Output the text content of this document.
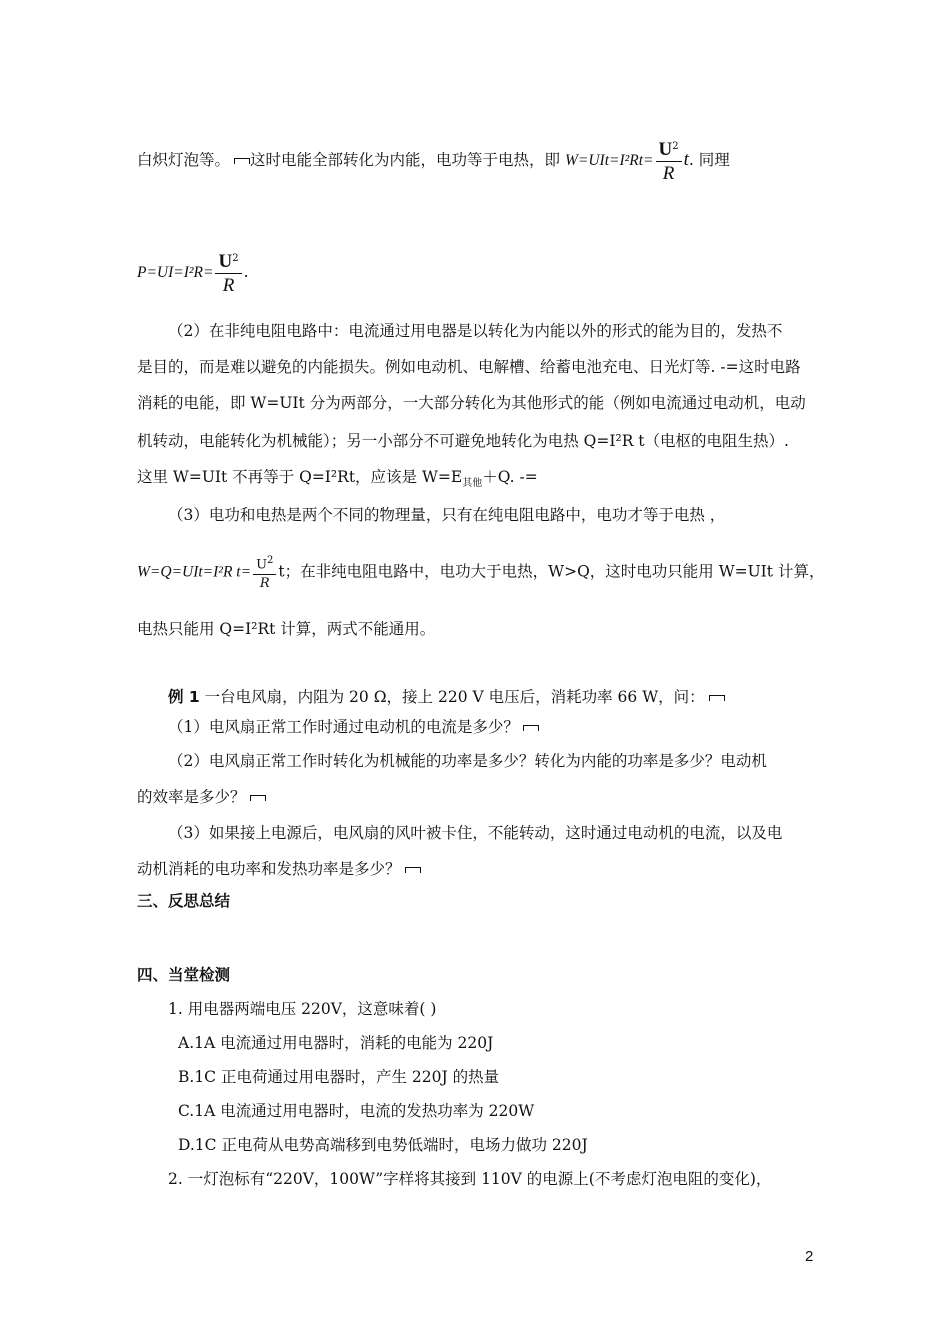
白炽灯泡等。 这时电能全部转化为内能，电功等于电热，即 $W=UIt=I^2Rt= \frac{U^2}{R} t$. 同理
$P=UI=I^2R= \frac{U^2}{R}$ .
（2）在非纯电阻电路中：电流通过用电器是以转化为内能以外的形式的能为目的，发热不
是目的，而是难以避免的内能损失。例如电动机、电解槽、给蓄电池充电、日光灯等. -=这时电路
消耗的电能，即 W=UIt 分为两部分，一大部分转化为其他形式的能（例如电流通过电动机，电动
机转动，电能转化为机械能）；另一小部分不可避免地转化为电热 Q=I²R t（电枢的电阻生热）.
这里 W=UIt 不再等于 Q=I²Rt，应该是 $W=E_{其他}+Q$. -=
（3）电功和电热是两个不同的物理量，只有在纯电阻电路中，电功才等于电热 ，
W=Q=UIt=I²R $t= \frac{U^2}{R}$ t；在非纯电阻电路中，电功大于电热，W>Q，这时电功只能用 W=UIt 计算，
电热只能用 Q=I²Rt 计算，两式不能通用。
例 1 一台电风扇，内阻为 20 Ω，接上 220 V 电压后，消耗功率 66 W，问：
（1）电风扇正常工作时通过电动机的电流是多少？
（2）电风扇正常工作时转化为机械能的功率是多少？转化为内能的功率是多少？电动机
的效率是多少？
（3）如果接上电源后，电风扇的风叶被卡住，不能转动，这时通过电动机的电流，以及电
动机消耗的电功率和发热功率是多少？
三、反思总结
四、当堂检测
1. 用电器两端电压 220V，这意味着( )
A.1A 电流通过用电器时，消耗的电能为 220J
B.1C 正电荷通过用电器时，产生 220J 的热量
C.1A 电流通过用电器时，电流的发热功率为 220W
D.1C 正电荷从电势高端移到电势低端时，电场力做功 220J
2. 一灯泡标有“220V，100W”字样将其接到 110V 的电源上(不考虑灯泡电阻的变化)，
2
